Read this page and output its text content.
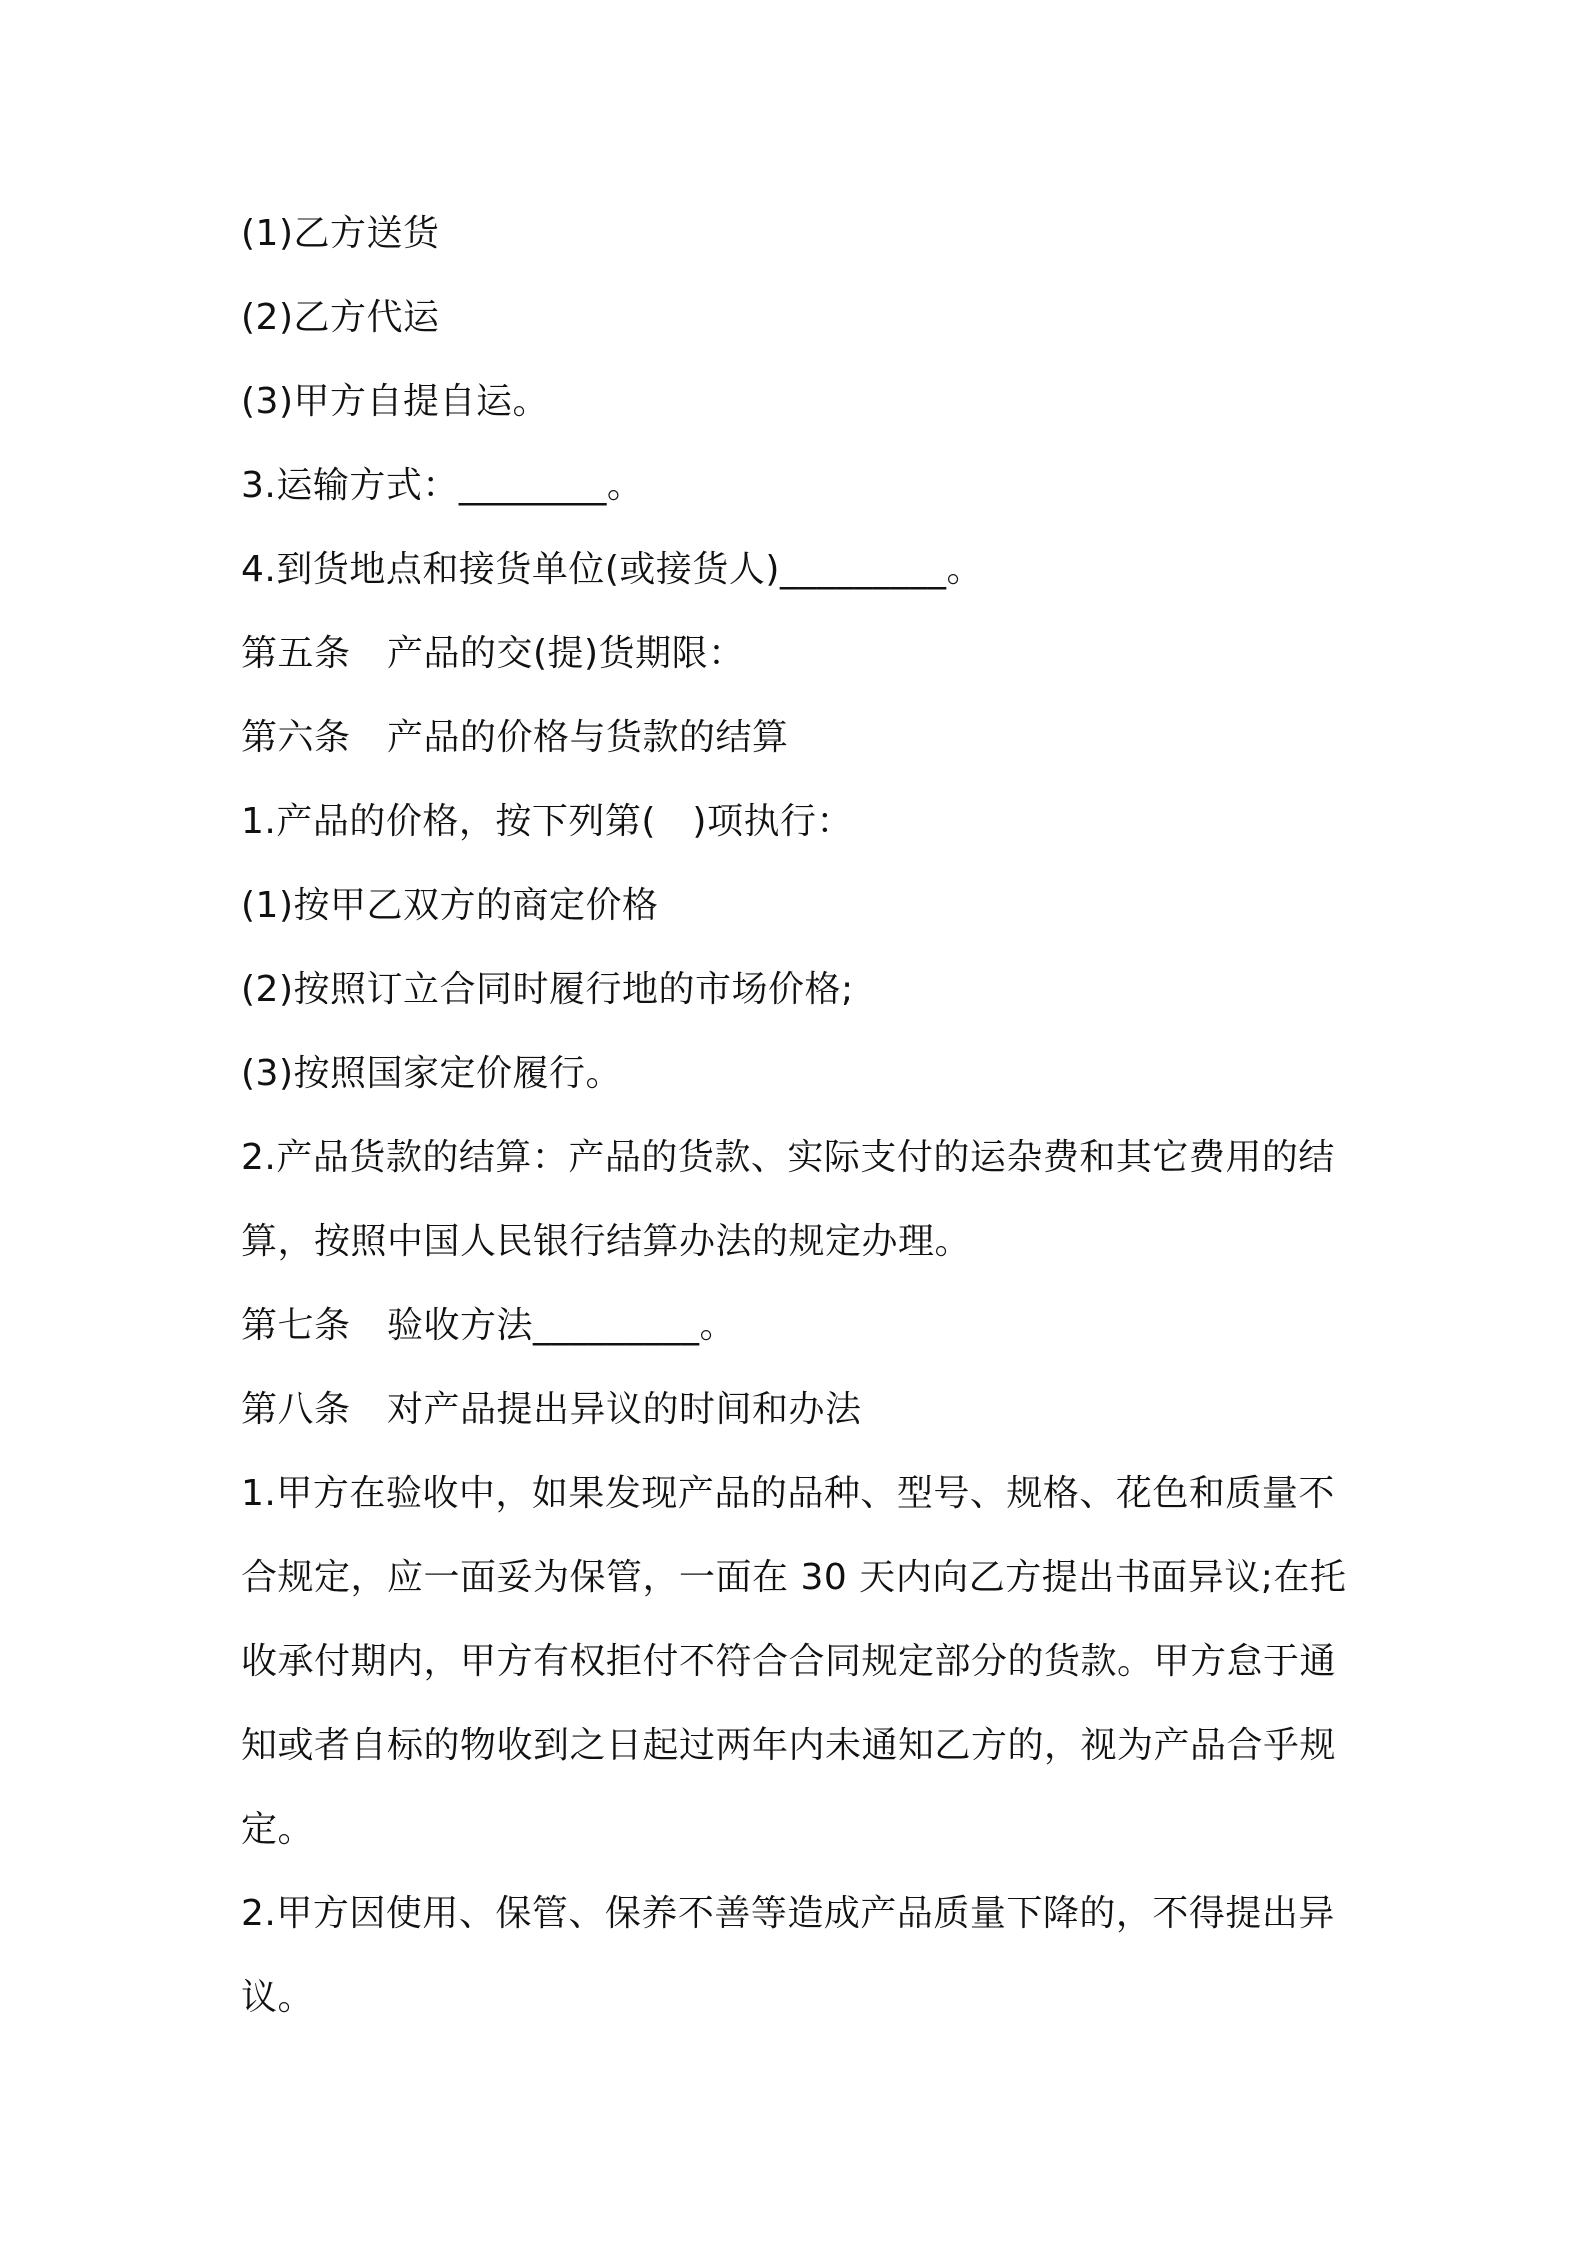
(1)乙方送货

(2)乙方代运

(3)甲方自提自运。

3.运输方式：________。

4.到货地点和接货单位(或接货人)_________。

第五条　产品的交(提)货期限：

第六条　产品的价格与货款的结算

1.产品的价格，按下列第(　)项执行：

(1)按甲乙双方的商定价格

(2)按照订立合同时履行地的市场价格;

(3)按照国家定价履行。

2.产品货款的结算：产品的货款、实际支付的运杂费和其它费用的结

算，按照中国人民银行结算办法的规定办理。

第七条　验收方法_________。

第八条　对产品提出异议的时间和办法

1.甲方在验收中，如果发现产品的品种、型号、规格、花色和质量不

合规定，应一面妥为保管，一面在 30 天内向乙方提出书面异议;在托

收承付期内，甲方有权拒付不符合合同规定部分的货款。甲方怠于通

知或者自标的物收到之日起过两年内未通知乙方的，视为产品合乎规

定。

2.甲方因使用、保管、保养不善等造成产品质量下降的，不得提出异

议。
